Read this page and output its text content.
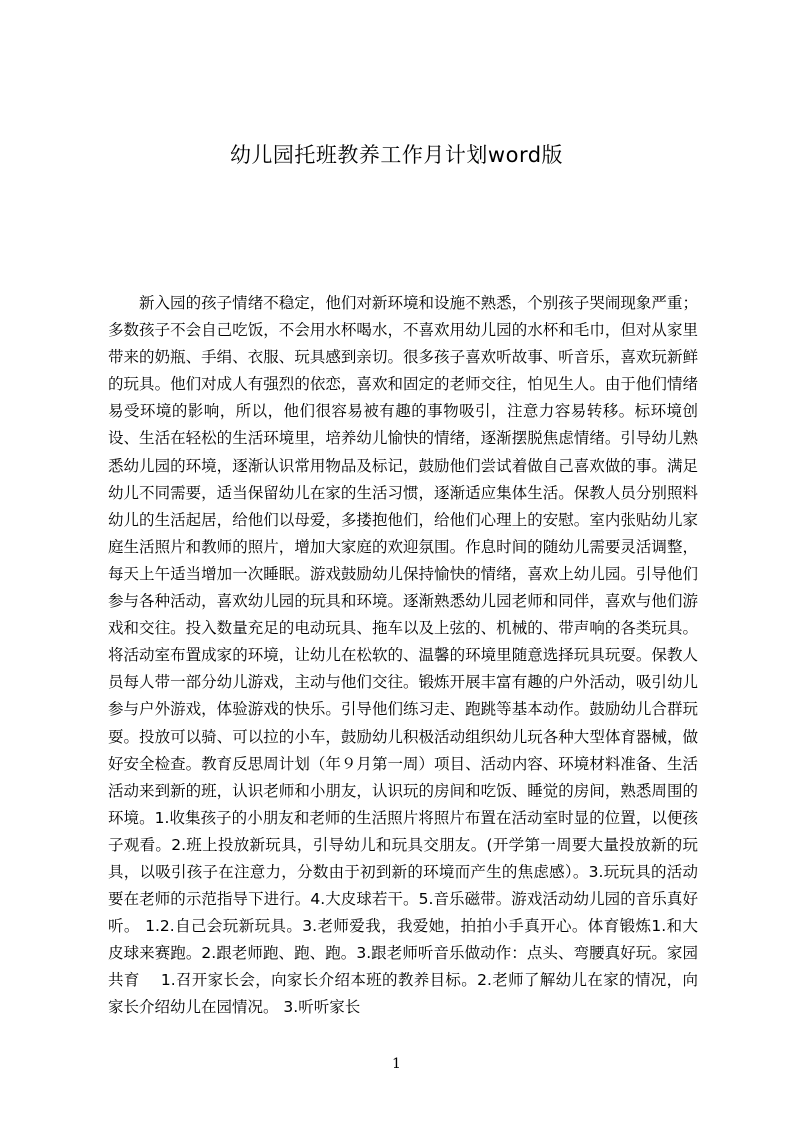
幼儿园托班教养工作月计划word版

新入园的孩子情绪不稳定，他们对新环境和设施不熟悉，个别孩子哭闹现象严重；多数孩子不会自己吃饭，不会用水杯喝水，不喜欢用幼儿园的水杯和毛巾，但对从家里带来的奶瓶、手绢、衣服、玩具感到亲切。很多孩子喜欢听故事、听音乐，喜欢玩新鲜的玩具。他们对成人有强烈的依恋，喜欢和固定的老师交往，怕见生人。由于他们情绪易受环境的影响，所以，他们很容易被有趣的事物吸引，注意力容易转移。标环境创设、生活在轻松的生活环境里，培养幼儿愉快的情绪，逐渐摆脱焦虑情绪。引导幼儿熟悉幼儿园的环境，逐渐认识常用物品及标记，鼓励他们尝试着做自己喜欢做的事。满足幼儿不同需要，适当保留幼儿在家的生活习惯，逐渐适应集体生活。保教人员分别照料幼儿的生活起居，给他们以母爱，多搂抱他们，给他们心理上的安慰。室内张贴幼儿家庭生活照片和教师的照片，增加大家庭的欢迎氛围。作息时间的随幼儿需要灵活调整，每天上午适当增加一次睡眠。游戏鼓励幼儿保持愉快的情绪，喜欢上幼儿园。引导他们参与各种活动，喜欢幼儿园的玩具和环境。逐渐熟悉幼儿园老师和同伴，喜欢与他们游戏和交往。投入数量充足的电动玩具、拖车以及上弦的、机械的、带声响的各类玩具。将活动室布置成家的环境，让幼儿在松软的、温馨的环境里随意选择玩具玩耍。保教人员每人带一部分幼儿游戏，主动与他们交往。锻炼开展丰富有趣的户外活动，吸引幼儿参与户外游戏，体验游戏的快乐。引导他们练习走、跑跳等基本动作。鼓励幼儿合群玩耍。投放可以骑、可以拉的小车，鼓励幼儿积极活动组织幼儿玩各种大型体育器械，做好安全检查。教育反思周计划（年９月第一周）项目、活动内容、环境材料准备、生活活动来到新的班，认识老师和小朋友，认识玩的房间和吃饭、睡觉的房间，熟悉周围的环境。1.收集孩子的小朋友和老师的生活照片将照片布置在活动室时显的位置，以便孩子观看。2.班上投放新玩具，引导幼儿和玩具交朋友。(开学第一周要大量投放新的玩具，以吸引孩子在注意力，分数由于初到新的环境而产生的焦虑感）。3.玩玩具的活动要在老师的示范指导下进行。4.大皮球若干。5.音乐磁带。游戏活动幼儿园的音乐真好听。 1.2.自己会玩新玩具。3.老师爱我，我爱她，拍拍小手真开心。体育锻炼1.和大皮球来赛跑。2.跟老师跑、跑、跑。3.跟老师听音乐做动作：点头、弯腰真好玩。家园共育　 1.召开家长会，向家长介绍本班的教养目标。2.老师了解幼儿在家的情况，向家长介绍幼儿在园情况。 3.听听家长

1
